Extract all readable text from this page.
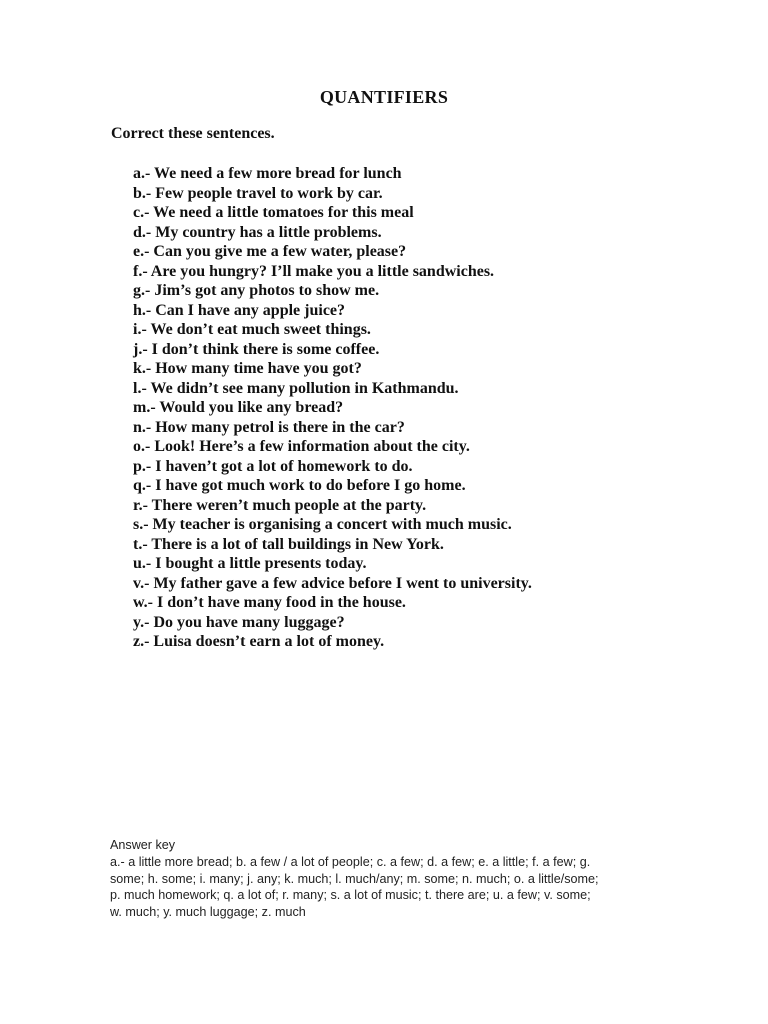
QUANTIFIERS
Correct these sentences.
a.- We need a few more bread for lunch
b.- Few people travel to work by car.
c.- We need a little tomatoes for this meal
d.- My country has a little problems.
e.- Can you give me a few water, please?
f.- Are you hungry? I’ll make you a little sandwiches.
g.- Jim’s got any photos to show me.
h.- Can I have any apple juice?
i.- We don’t eat much sweet things.
j.- I don’t think there is some coffee.
k.- How many time have you got?
l.- We didn’t see many pollution in Kathmandu.
m.- Would you like any bread?
n.- How many petrol is there in the car?
o.- Look! Here’s a few information about the city.
p.- I haven’t got a lot of homework to do.
q.- I have got much work to do before I go home.
r.- There weren’t much people at the party.
s.- My teacher is organising a concert with much music.
t.- There is a lot of tall buildings in New York.
u.- I bought a little presents today.
v.- My father gave a few advice before I went to university.
w.- I don’t have many food in the house.
y.- Do you have many luggage?
z.- Luisa doesn’t earn a lot of money.
Answer key
a.- a little more bread; b. a few / a lot of people; c. a few; d. a few; e. a little; f. a few; g.
some; h. some; i. many; j. any; k. much; l. much/any; m. some; n. much; o. a little/some;
p. much homework; q. a lot of; r. many; s. a lot of music; t. there are; u. a few; v. some;
w. much; y. much luggage; z. much
